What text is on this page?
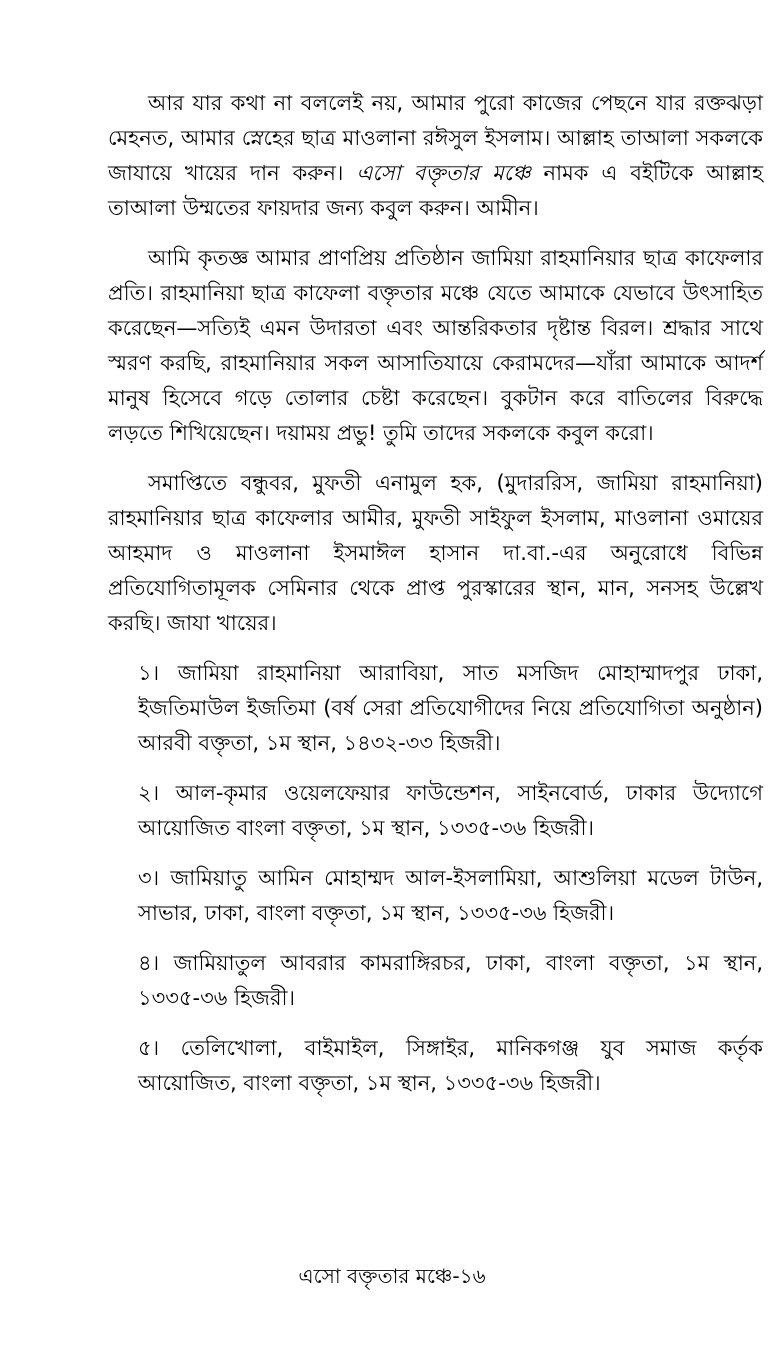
আর যার কথা না বললেই নয়, আমার পুরো কাজের পেছনে যার রক্তঝড়া মেহনত, আমার স্নেহের ছাত্র মাওলানা রঈসুল ইসলাম। আল্লাহ তাআলা সকলকে জাযায়ে খায়ের দান করুন। এসো বক্তৃতার মঞ্চে নামক এ বইটিকে আল্লাহ তাআলা উম্মতের ফায়দার জন্য কবুল করুন। আমীন।

আমি কৃতজ্ঞ আমার প্রাণপ্রিয় প্রতিষ্ঠান জামিয়া রাহমানিয়ার ছাত্র কাফেলার প্রতি। রাহমানিয়া ছাত্র কাফেলা বক্তৃতার মঞ্চে যেতে আমাকে যেভাবে উৎসাহিত করেছেন—সত্যিই এমন উদারতা এবং আন্তরিকতার দৃষ্টান্ত বিরল। শ্রদ্ধার সাথে স্মরণ করছি, রাহমানিয়ার সকল আসাতিযায়ে কেরামদের—যাঁরা আমাকে আদর্শ মানুষ হিসেবে গড়ে তোলার চেষ্টা করেছেন। বুকটান করে বাতিলের বিরুদ্ধে লড়তে শিখিয়েছেন। দয়াময় প্রভু! তুমি তাদের সকলকে কবুল করো।

সমাপ্তিতে বন্ধুবর, মুফতী এনামুল হক, (মুদাররিস, জামিয়া রাহমানিয়া) রাহমানিয়ার ছাত্র কাফেলার আমীর, মুফতী সাইফুল ইসলাম, মাওলানা ওমায়ের আহমাদ ও মাওলানা ইসমাঈল হাসান দা.বা.-এর অনুরোধে বিভিন্ন প্রতিযোগিতামূলক সেমিনার থেকে প্রাপ্ত পুরস্কারের স্থান, মান, সনসহ উল্লেখ করছি। জাযা খায়ের।

১। জামিয়া রাহমানিয়া আরাবিয়া, সাত মসজিদ মোহাম্মাদপুর ঢাকা, ইজতিমাউল ইজতিমা (বর্ষ সেরা প্রতিযোগীদের নিয়ে প্রতিযোগিতা অনুষ্ঠান) আরবী বক্তৃতা, ১ম স্থান, ১৪৩২-৩৩ হিজরী।
২। আল-কৃমার ওয়েলফেয়ার ফাউন্ডেশন, সাইনবোর্ড, ঢাকার উদ্যোগে আয়োজিত বাংলা বক্তৃতা, ১ম স্থান, ১৩৩৫-৩৬ হিজরী।
৩। জামিয়াতু আমিন মোহাম্মদ আল-ইসলামিয়া, আশুলিয়া মডেল টাউন, সাভার, ঢাকা, বাংলা বক্তৃতা, ১ম স্থান, ১৩৩৫-৩৬ হিজরী।
৪। জামিয়াতুল আবরার কামরাঙ্গিরচর, ঢাকা, বাংলা বক্তৃতা, ১ম স্থান, ১৩৩৫-৩৬ হিজরী।
৫। তেলিখোলা, বাইমাইল, সিঙ্গাইর, মানিকগঞ্জ যুব সমাজ কর্তৃক আয়োজিত, বাংলা বক্তৃতা, ১ম স্থান, ১৩৩৫-৩৬ হিজরী।
এসো বক্তৃতার মঞ্চে-১৬
